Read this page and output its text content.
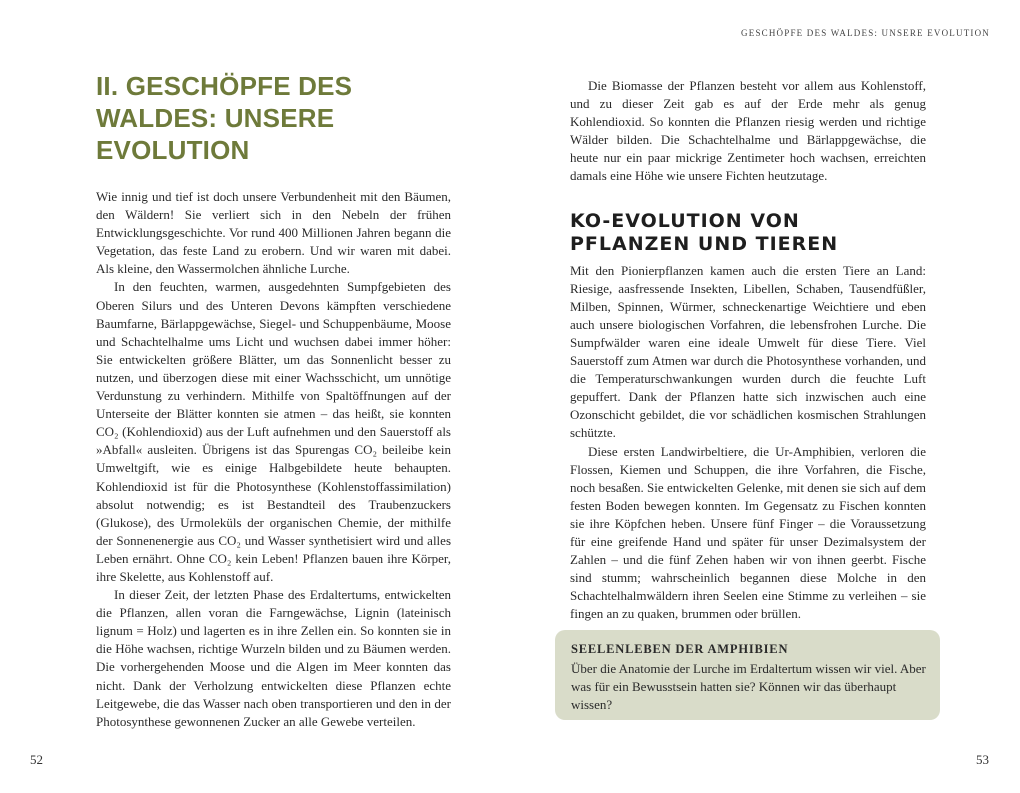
GESCHÖPFE DES WALDES: UNSERE EVOLUTION
II. GESCHÖPFE DES WALDES: UNSERE EVOLUTION

Wie innig und tief ist doch unsere Verbundenheit mit den Bäumen, den Wäldern! Sie verliert sich in den Nebeln der frühen Entwicklungsgeschichte. Vor rund 400 Millionen Jahren begann die Vegetation, das feste Land zu erobern. Und wir waren mit dabei. Als kleine, den Wassermolchen ähnliche Lurche.

In den feuchten, warmen, ausgedehnten Sumpfgebieten des Oberen Silurs und des Unteren Devons kämpften verschiedene Baumfarne, Bärlappgewächse, Siegel- und Schuppenbäume, Moose und Schachtelhalme ums Licht und wuchsen dabei immer höher: Sie entwickelten größere Blätter, um das Sonnenlicht besser zu nutzen, und überzogen diese mit einer Wachsschicht, um unnötige Verdunstung zu verhindern. Mithilfe von Spaltöffnungen auf der Unterseite der Blätter konnten sie atmen – das heißt, sie konnten CO₂ (Kohlendioxid) aus der Luft aufnehmen und den Sauerstoff als »Abfall« ausleiten. Übrigens ist das Spurengas CO₂ beileibe kein Umweltgift, wie es einige Halbgebildete heute behaupten. Kohlendioxid ist für die Photosynthese (Kohlenstoffassimilation) absolut notwendig; es ist Bestandteil des Traubenzuckers (Glukose), des Urmoleküls der organischen Chemie, der mithilfe der Sonnenenergie aus CO₂ und Wasser synthetisiert wird und alles Leben ernährt. Ohne CO₂ kein Leben! Pflanzen bauen ihre Körper, ihre Skelette, aus Kohlenstoff auf.

In dieser Zeit, der letzten Phase des Erdaltertums, entwickelten die Pflanzen, allen voran die Farngewächse, Lignin (lateinisch lignum = Holz) und lagerten es in ihre Zellen ein. So konnten sie in die Höhe wachsen, richtige Wurzeln bilden und zu Bäumen werden. Die vorhergehenden Moose und die Algen im Meer konnten das nicht. Dank der Verholzung entwickelten diese Pflanzen echte Leitgewebe, die das Wasser nach oben transportieren und den in der Photosynthese gewonnenen Zucker an alle Gewebe verteilen.

Die Biomasse der Pflanzen besteht vor allem aus Kohlenstoff, und zu dieser Zeit gab es auf der Erde mehr als genug Kohlendioxid. So konnten die Pflanzen riesig werden und richtige Wälder bilden. Die Schachtelhalme und Bärlappgewächse, die heute nur ein paar mickrige Zentimeter hoch wachsen, erreichten damals eine Höhe wie unsere Fichten heutzutage.

KO-EVOLUTION VON PFLANZEN UND TIEREN

Mit den Pionierpflanzen kamen auch die ersten Tiere an Land: Riesige, aasfressende Insekten, Libellen, Schaben, Tausendfüßler, Milben, Spinnen, Würmer, schneckenartige Weichtiere und eben auch unsere biologischen Vorfahren, die lebensfrohen Lurche. Die Sumpfwälder waren eine ideale Umwelt für diese Tiere. Viel Sauerstoff zum Atmen war durch die Photosynthese vorhanden, und die Temperaturschwankungen wurden durch die feuchte Luft gepuffert. Dank der Pflanzen hatte sich inzwischen auch eine Ozonschicht gebildet, die vor schädlichen kosmischen Strahlungen schützte.

Diese ersten Landwirbeltiere, die Ur-Amphibien, verloren die Flossen, Kiemen und Schuppen, die ihre Vorfahren, die Fische, noch besaßen. Sie entwickelten Gelenke, mit denen sie sich auf dem festen Boden bewegen konnten. Im Gegensatz zu Fischen konnten sie ihre Köpfchen heben. Unsere fünf Finger – die Voraussetzung für eine greifende Hand und später für unser Dezimalsystem der Zahlen – und die fünf Zehen haben wir von ihnen geerbt. Fische sind stumm; wahrscheinlich begannen diese Molche in den Schachtelhalmwäldern ihren Seelen eine Stimme zu verleihen – sie fingen an zu quaken, brummen oder brüllen.

SEELENLEBEN DER AMPHIBIEN

Über die Anatomie der Lurche im Erdaltertum wissen wir viel. Aber was für ein Bewusstsein hatten sie? Können wir das überhaupt wissen?

52	53
